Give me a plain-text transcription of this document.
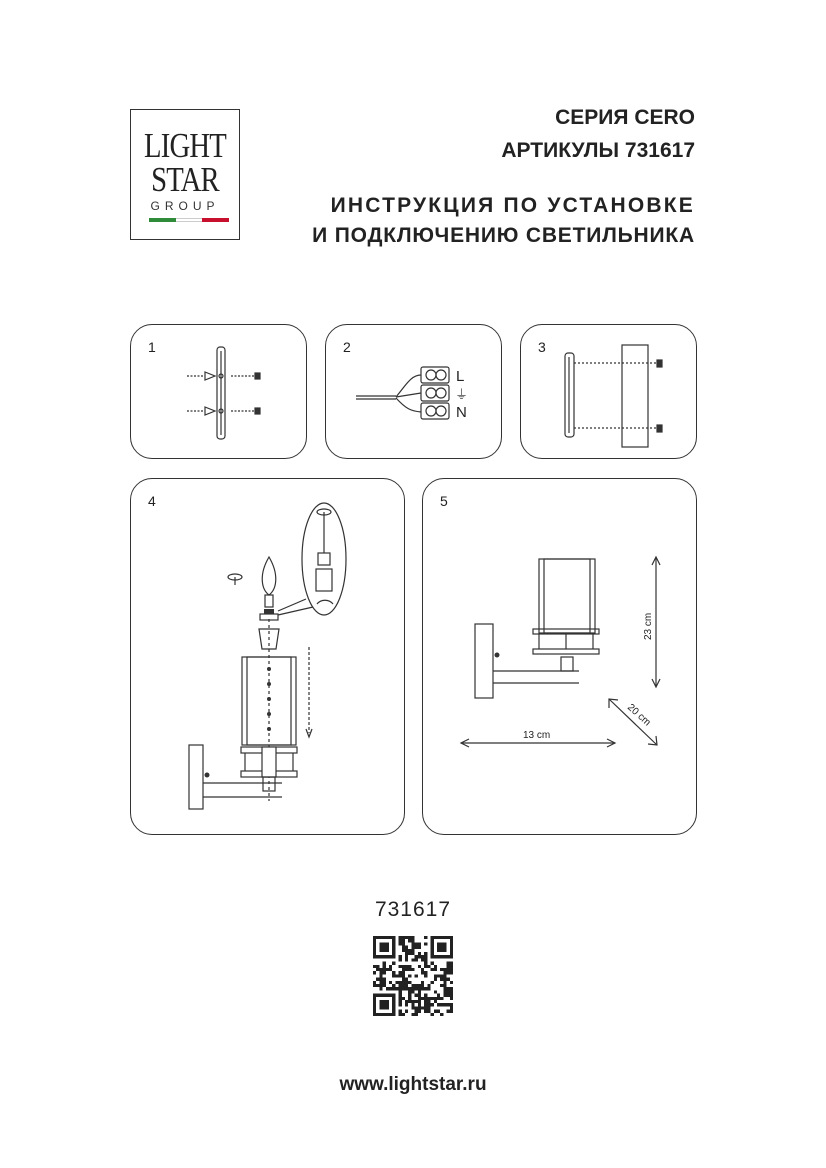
LIGHT
STAR
GROUP
СЕРИЯ CERO
АРТИКУЛЫ 731617
ИНСТРУКЦИЯ ПО УСТАНОВКЕ
И ПОДКЛЮЧЕНИЮ СВЕТИЛЬНИКА
1	2
L
⏚
N
3
4	5
13 cm
23 cm
20 cm
731617
www.lightstar.ru
